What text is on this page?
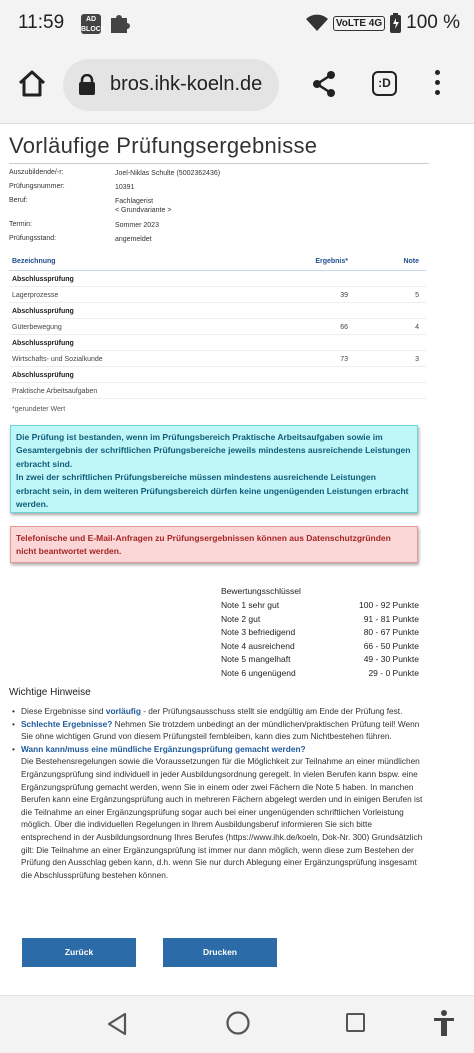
11:59	AD
BLOCK
VoLTE 4G 100 %
bros.ihk-koeln.de	:D
Vorläufige Prüfungsergebnisse
Auszubildende/-r:	Joel-Niklas Schulte (5002362436)
Prüfungsnummer:	10391
Beruf:	Fachlagerist
< Grundvariante >
Termin:	Sommer 2023
Prüfungsstand:	angemeldet
Bezeichnung	Ergebnis*	Note
Abschlussprüfung
Lagerprozesse	39	5
Abschlussprüfung
Güterbewegung	66	4
Abschlussprüfung
Wirtschafts- und Sozialkunde	73	3
Abschlussprüfung
Praktische Arbeitsaufgaben
*gerundeter Wert
Die Prüfung ist bestanden, wenn im Prüfungsbereich Praktische Arbeitsaufgaben sowie im Gesamtergebnis der schriftlichen Prüfungsbereiche jeweils mindestens ausreichende Leistungen erbracht sind.
In zwei der schriftlichen Prüfungsbereiche müssen mindestens ausreichende Leistungen erbracht sein, in dem weiteren Prüfungsbereich dürfen keine ungenügenden Leistungen erbracht werden.
Telefonische und E-Mail-Anfragen zu Prüfungsergebnissen können aus Datenschutzgründen nicht beantwortet werden.
Bewertungsschlüssel
Note 1 sehr gut	100 - 92 Punkte
Note 2 gut	91 - 81 Punkte
Note 3 befriedigend	80 - 67 Punkte
Note 4 ausreichend	66 - 50 Punkte
Note 5 mangelhaft	49 - 30 Punkte
Note 6 ungenügend	29 - 0 Punkte
Wichtige Hinweise
• Diese Ergebnisse sind vorläufig - der Prüfungsausschuss stellt sie endgültig am Ende der Prüfung fest.
• Schlechte Ergebnisse? Nehmen Sie trotzdem unbedingt an der mündlichen/praktischen Prüfung teil! Wenn Sie ohne wichtigen Grund von diesem Prüfungsteil fernbleiben, kann dies zum Nichtbestehen führen.
• Wann kann/muss eine mündliche Ergänzungsprüfung gemacht werden?
Die Bestehensregelungen sowie die Voraussetzungen für die Möglichkeit zur Teilnahme an einer mündlichen Ergänzungsprüfung sind individuell in jeder Ausbildungsordnung geregelt. In vielen Berufen kann bspw. eine Ergänzungsprüfung gemacht werden, wenn Sie in einem oder zwei Fächern die Note 5 haben. In manchen Berufen kann eine Ergänzungsprüfung auch in mehreren Fächern abgelegt werden und in einigen Berufen ist die Teilnahme an einer Ergänzungsprüfung sogar auch bei einer ungenügenden schriftlichen Vorleistung möglich. Über die individuellen Regelungen in Ihrem Ausbildungsberuf informieren Sie sich bitte entsprechend in der Ausbildungsordnung Ihres Berufes (https://www.ihk.de/koeln, Dok-Nr. 300) Grundsätzlich gilt: Die Teilnahme an einer Ergänzungsprüfung ist immer nur dann möglich, wenn diese zum Bestehen der Prüfung den Ausschlag geben kann, d.h. wenn Sie nur durch Ablegung einer Ergänzungsprüfung insgesamt die Abschlussprüfung bestehen können.
Zurück	Drucken
